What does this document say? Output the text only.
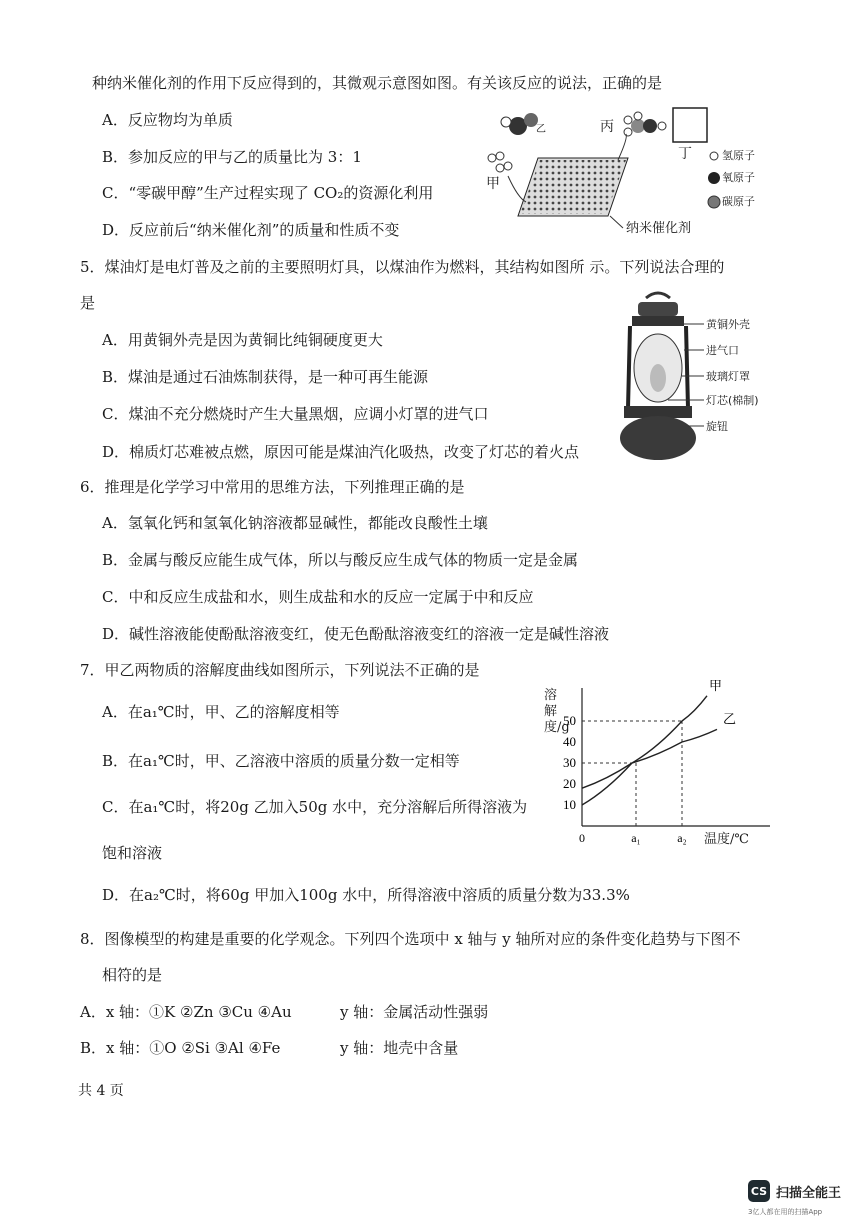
种纳米催化剂的作用下反应得到的，其微观示意图如图。有关该反应的说法，正确的是
A．反应物均为单质
B．参加反应的甲与乙的质量比为 3：1
C．“零碳甲醇”生产过程实现了 CO₂的资源化利用
D．反应前后“纳米催化剂”的质量和性质不变
乙	丙
丁
甲
纳米催化剂
氢原子
氧原子
碳原子
5．煤油灯是电灯普及之前的主要照明灯具，以煤油作为燃料，其结构如图所 示。下列说法合理的
是
A．用黄铜外壳是因为黄铜比纯铜硬度更大
B．煤油是通过石油炼制获得，是一种可再生能源
C．煤油不充分燃烧时产生大量黑烟，应调小灯罩的进气口
D．棉质灯芯难被点燃，原因可能是煤油汽化吸热，改变了灯芯的着火点
黄铜外壳
进气口
玻璃灯罩
灯芯(棉制)
旋钮
6．推理是化学学习中常用的思维方法，下列推理正确的是
A．氢氧化钙和氢氧化钠溶液都显碱性，都能改良酸性土壤
B．金属与酸反应能生成气体，所以与酸反应生成气体的物质一定是金属
C．中和反应生成盐和水，则生成盐和水的反应一定属于中和反应
D．碱性溶液能使酚酞溶液变红，使无色酚酞溶液变红的溶液一定是碱性溶液
7．甲乙两物质的溶解度曲线如图所示，下列说法不正确的是
A．在a₁℃时，甲、乙的溶解度相等
B．在a₁℃时，甲、乙溶液中溶质的质量分数一定相等
C．在a₁℃时，将20g 乙加入50g 水中，充分溶解后所得溶液为
饱和溶液
D．在a₂℃时，将60g 甲加入100g 水中，所得溶液中溶质的质量分数为33.3%
甲
乙
10
20
30
40
50
0	a₁	a₂
溶解度/g
温度/℃
8．图像模型的构建是重要的化学观念。下列四个选项中 x 轴与 y 轴所对应的条件变化趋势与下图不
相符的是
A．x 轴：①K ②Zn ③Cu ④Au	y 轴：金属活动性强弱
B．x 轴：①O ②Si ③Al ④Fe	y 轴：地壳中含量
共 4 页
CS 扫描全能王
3亿人都在用的扫描App
